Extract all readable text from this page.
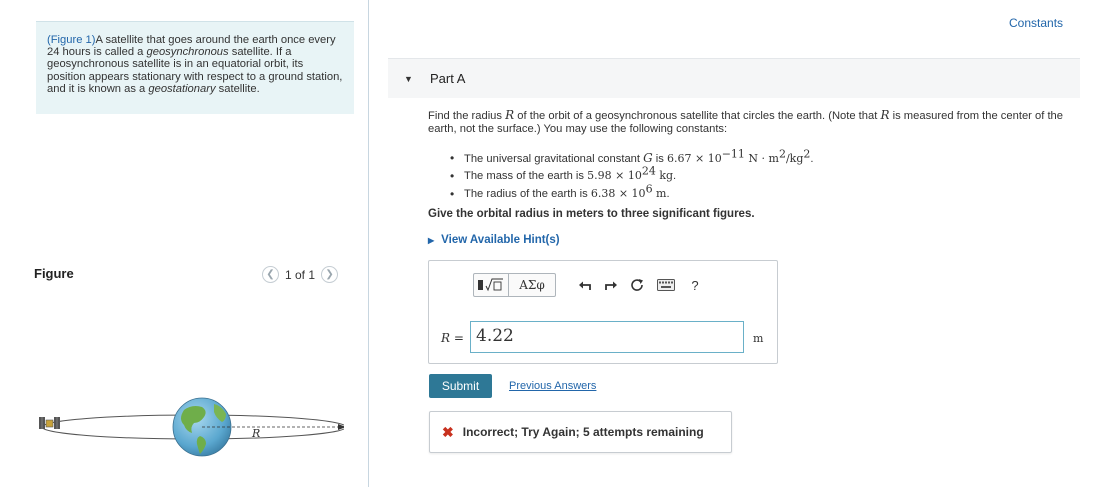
(Figure 1)A satellite that goes around the earth once every 24 hours is called a geosynchronous satellite. If a geosynchronous satellite is in an equatorial orbit, its position appears stationary with respect to a ground station, and it is known as a geostationary satellite.
Figure	❮ 1 of 1 ❯
R
Constants
▼ Part A
Find the radius R of the orbit of a geosynchronous satellite that circles the earth. (Note that R is measured from the center of the earth, not the surface.) You may use the following constants:
• The universal gravitational constant G is $6.67 \times 10^{-11}$ $N \cdot m^2/kg^2$.
• The mass of the earth is $5.98 \times 10^{24}$ kg.
• The radius of the earth is $6.38 \times 10^6$ m.
Give the orbital radius in meters to three significant figures.
▶ View Available Hint(s)
ΑΣφ	?
R = 4.22	m
Submit	Previous Answers
✖ Incorrect; Try Again; 5 attempts remaining
